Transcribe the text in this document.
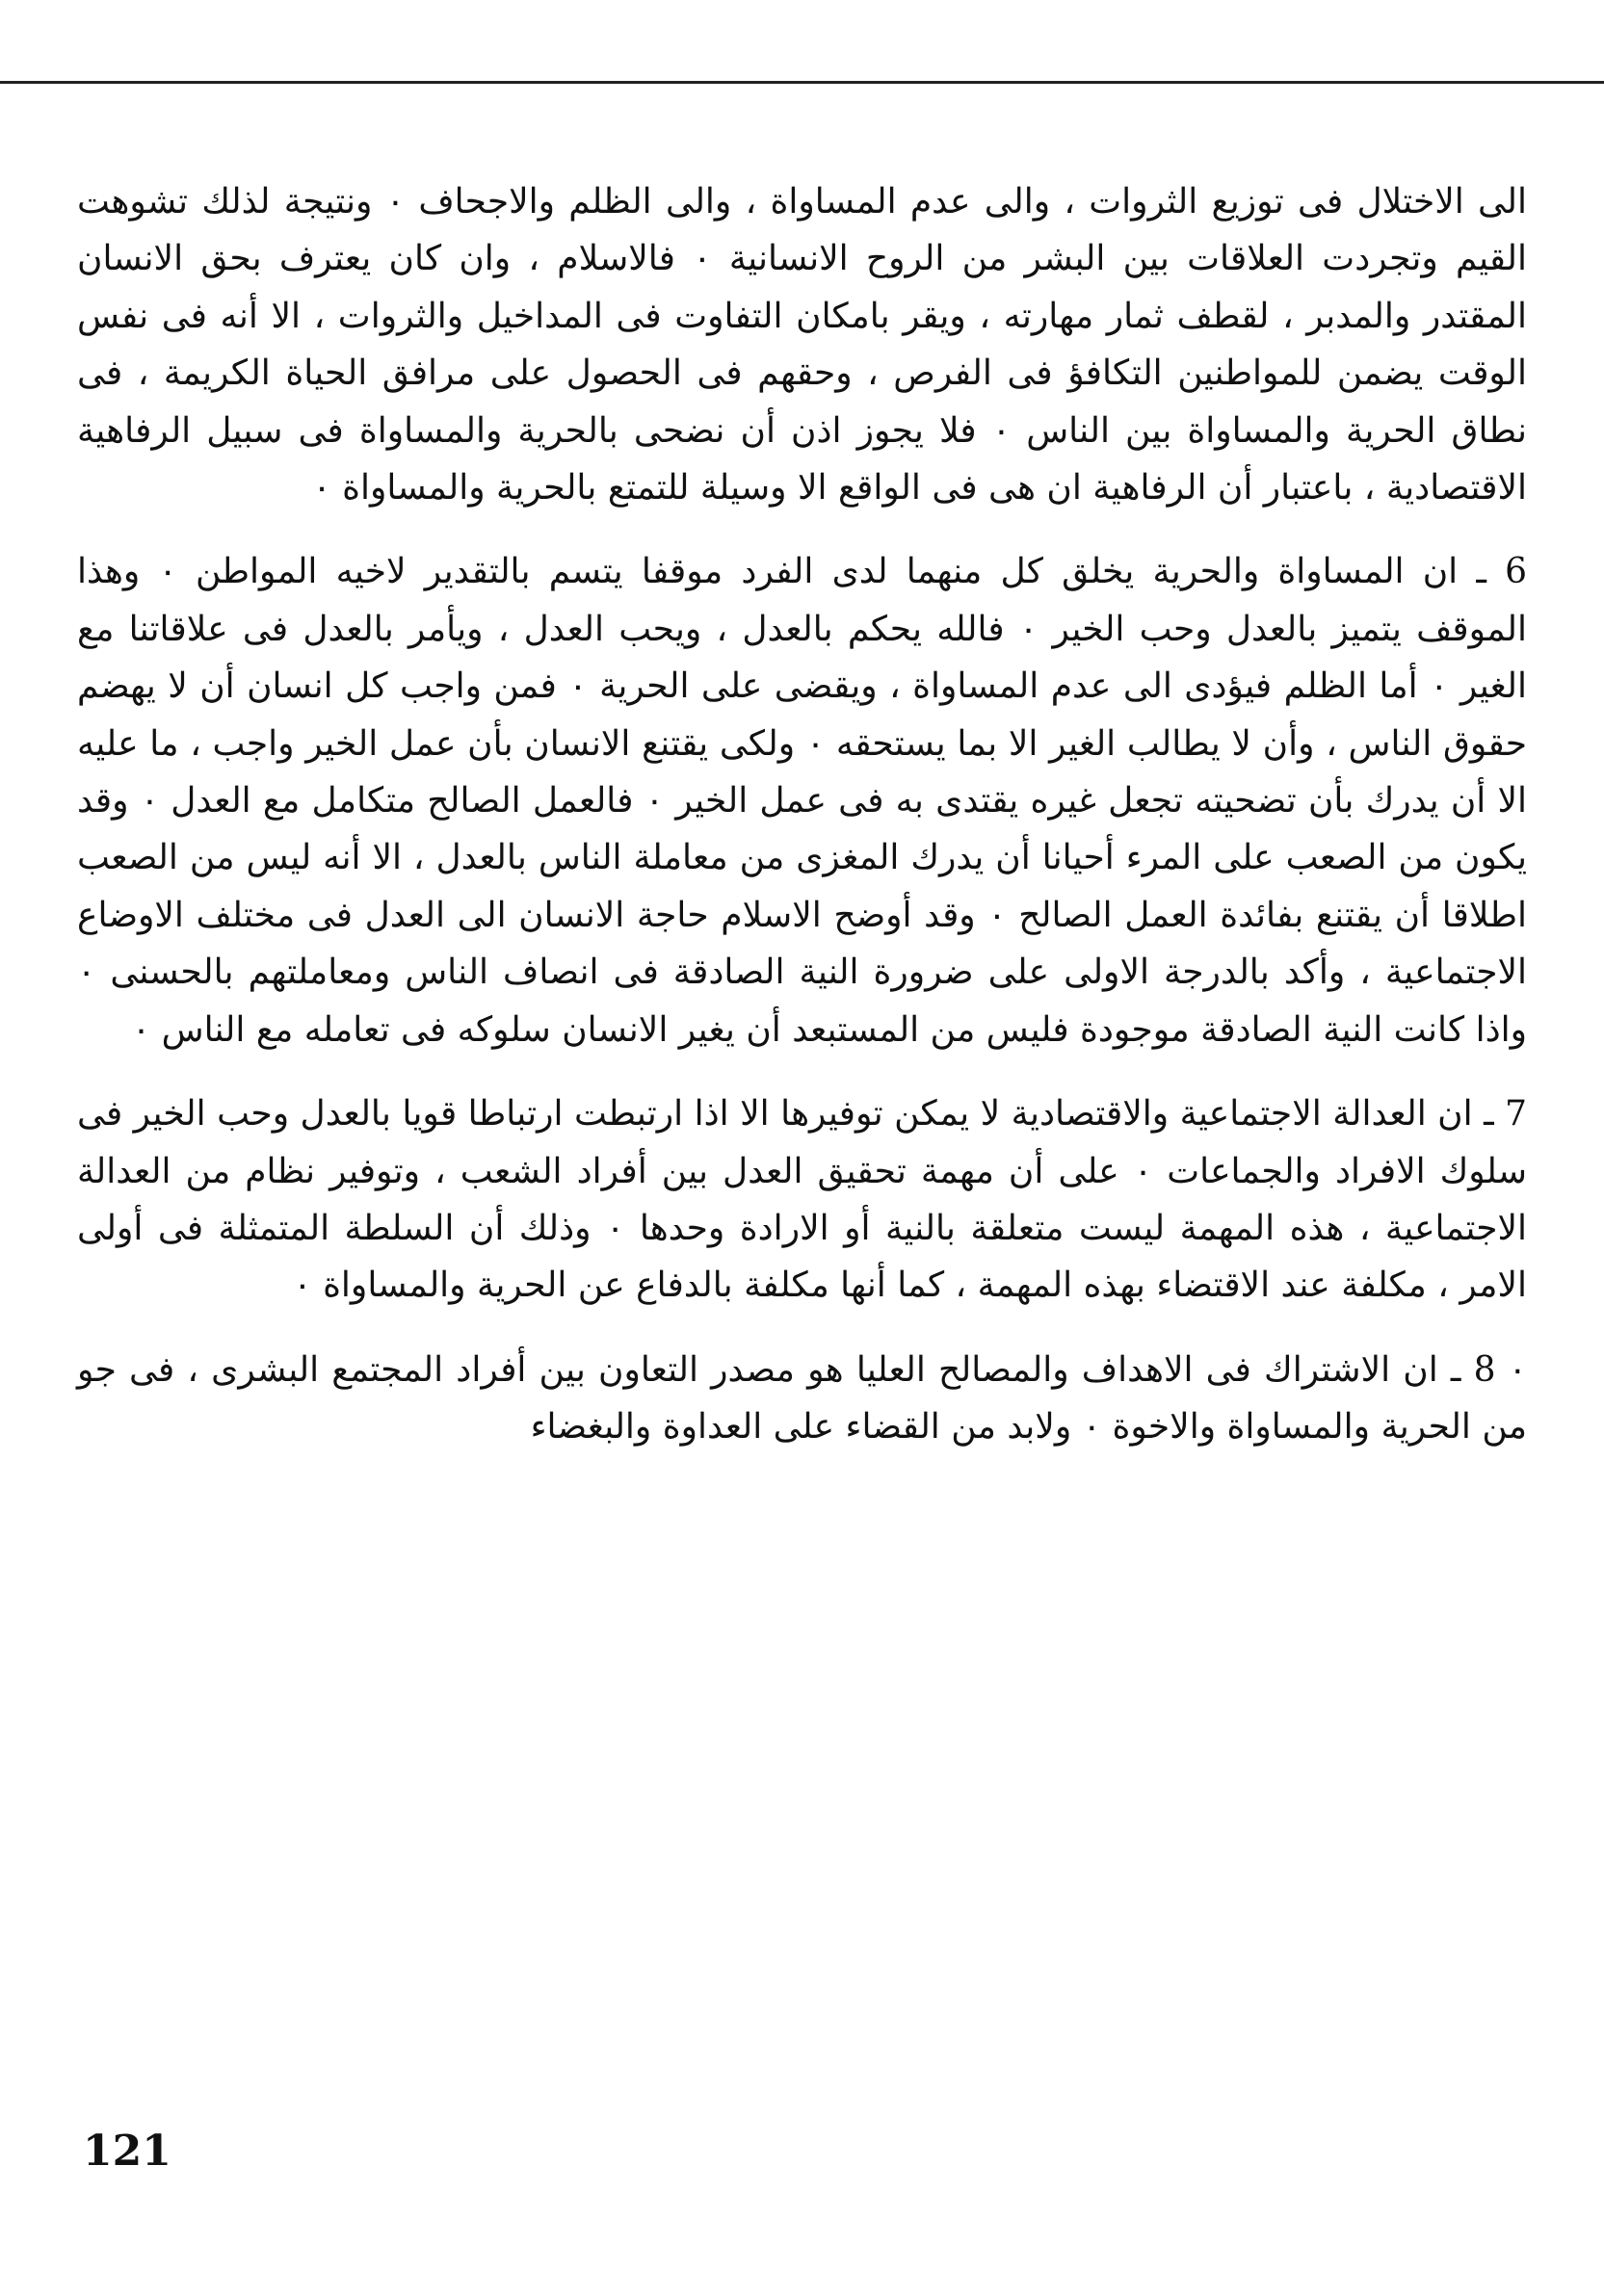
الى الاختلال فى توزيع الثروات ، والى عدم المساواة ، والى الظلم والاجحاف ٠ ونتيجة لذلك تشوهت القيم وتجردت العلاقات بين البشر من الروح الانسانية ٠ فالاسلام ، وان كان يعترف بحق الانسان المقتدر والمدبر ، لقطف ثمار مهارته ، ويقر بامكان التفاوت فى المداخيل والثروات ، الا أنه فى نفس الوقت يضمن للمواطنين التكافؤ فى الفرص ، وحقهم فى الحصول على مرافق الحياة الكريمة ، فى نطاق الحرية والمساواة بين الناس ٠ فلا يجوز اذن أن نضحى بالحرية والمساواة فى سبيل الرفاهية الاقتصادية ، باعتبار أن الرفاهية ان هى فى الواقع الا وسيلة للتمتع بالحرية والمساواة ٠

6 ـ ان المساواة والحرية يخلق كل منهما لدى الفرد موقفا يتسم بالتقدير لاخيه المواطن ٠ وهذا الموقف يتميز بالعدل وحب الخير ٠ فالله يحكم بالعدل ، ويحب العدل ، ويأمر بالعدل فى علاقاتنا مع الغير ٠ أما الظلم فيؤدى الى عدم المساواة ، ويقضى على الحرية ٠ فمن واجب كل انسان أن لا يهضم حقوق الناس ، وأن لا يطالب الغير الا بما يستحقه ٠ ولكى يقتنع الانسان بأن عمل الخير واجب ، ما عليه الا أن يدرك بأن تضحيته تجعل غيره يقتدى به فى عمل الخير ٠ فالعمل الصالح متكامل مع العدل ٠ وقد يكون من الصعب على المرء أحيانا أن يدرك المغزى من معاملة الناس بالعدل ، الا أنه ليس من الصعب اطلاقا أن يقتنع بفائدة العمل الصالح ٠ وقد أوضح الاسلام حاجة الانسان الى العدل فى مختلف الاوضاع الاجتماعية ، وأكد بالدرجة الاولى على ضرورة النية الصادقة فى انصاف الناس ومعاملتهم بالحسنى ٠ واذا كانت النية الصادقة موجودة فليس من المستبعد أن يغير الانسان سلوكه فى تعامله مع الناس ٠

7 ـ ان العدالة الاجتماعية والاقتصادية لا يمكن توفيرها الا اذا ارتبطت ارتباطا قويا بالعدل وحب الخير فى سلوك الافراد والجماعات ٠ على أن مهمة تحقيق العدل بين أفراد الشعب ، وتوفير نظام من العدالة الاجتماعية ، هذه المهمة ليست متعلقة بالنية أو الارادة وحدها ٠ وذلك أن السلطة المتمثلة فى أولى الامر ، مكلفة عند الاقتضاء بهذه المهمة ، كما أنها مكلفة بالدفاع عن الحرية والمساواة ٠

٠ 8 ـ ان الاشتراك فى الاهداف والمصالح العليا هو مصدر التعاون بين أفراد المجتمع البشرى ، فى جو من الحرية والمساواة والاخوة ٠ ولابد من القضاء على العداوة والبغضاء

121
